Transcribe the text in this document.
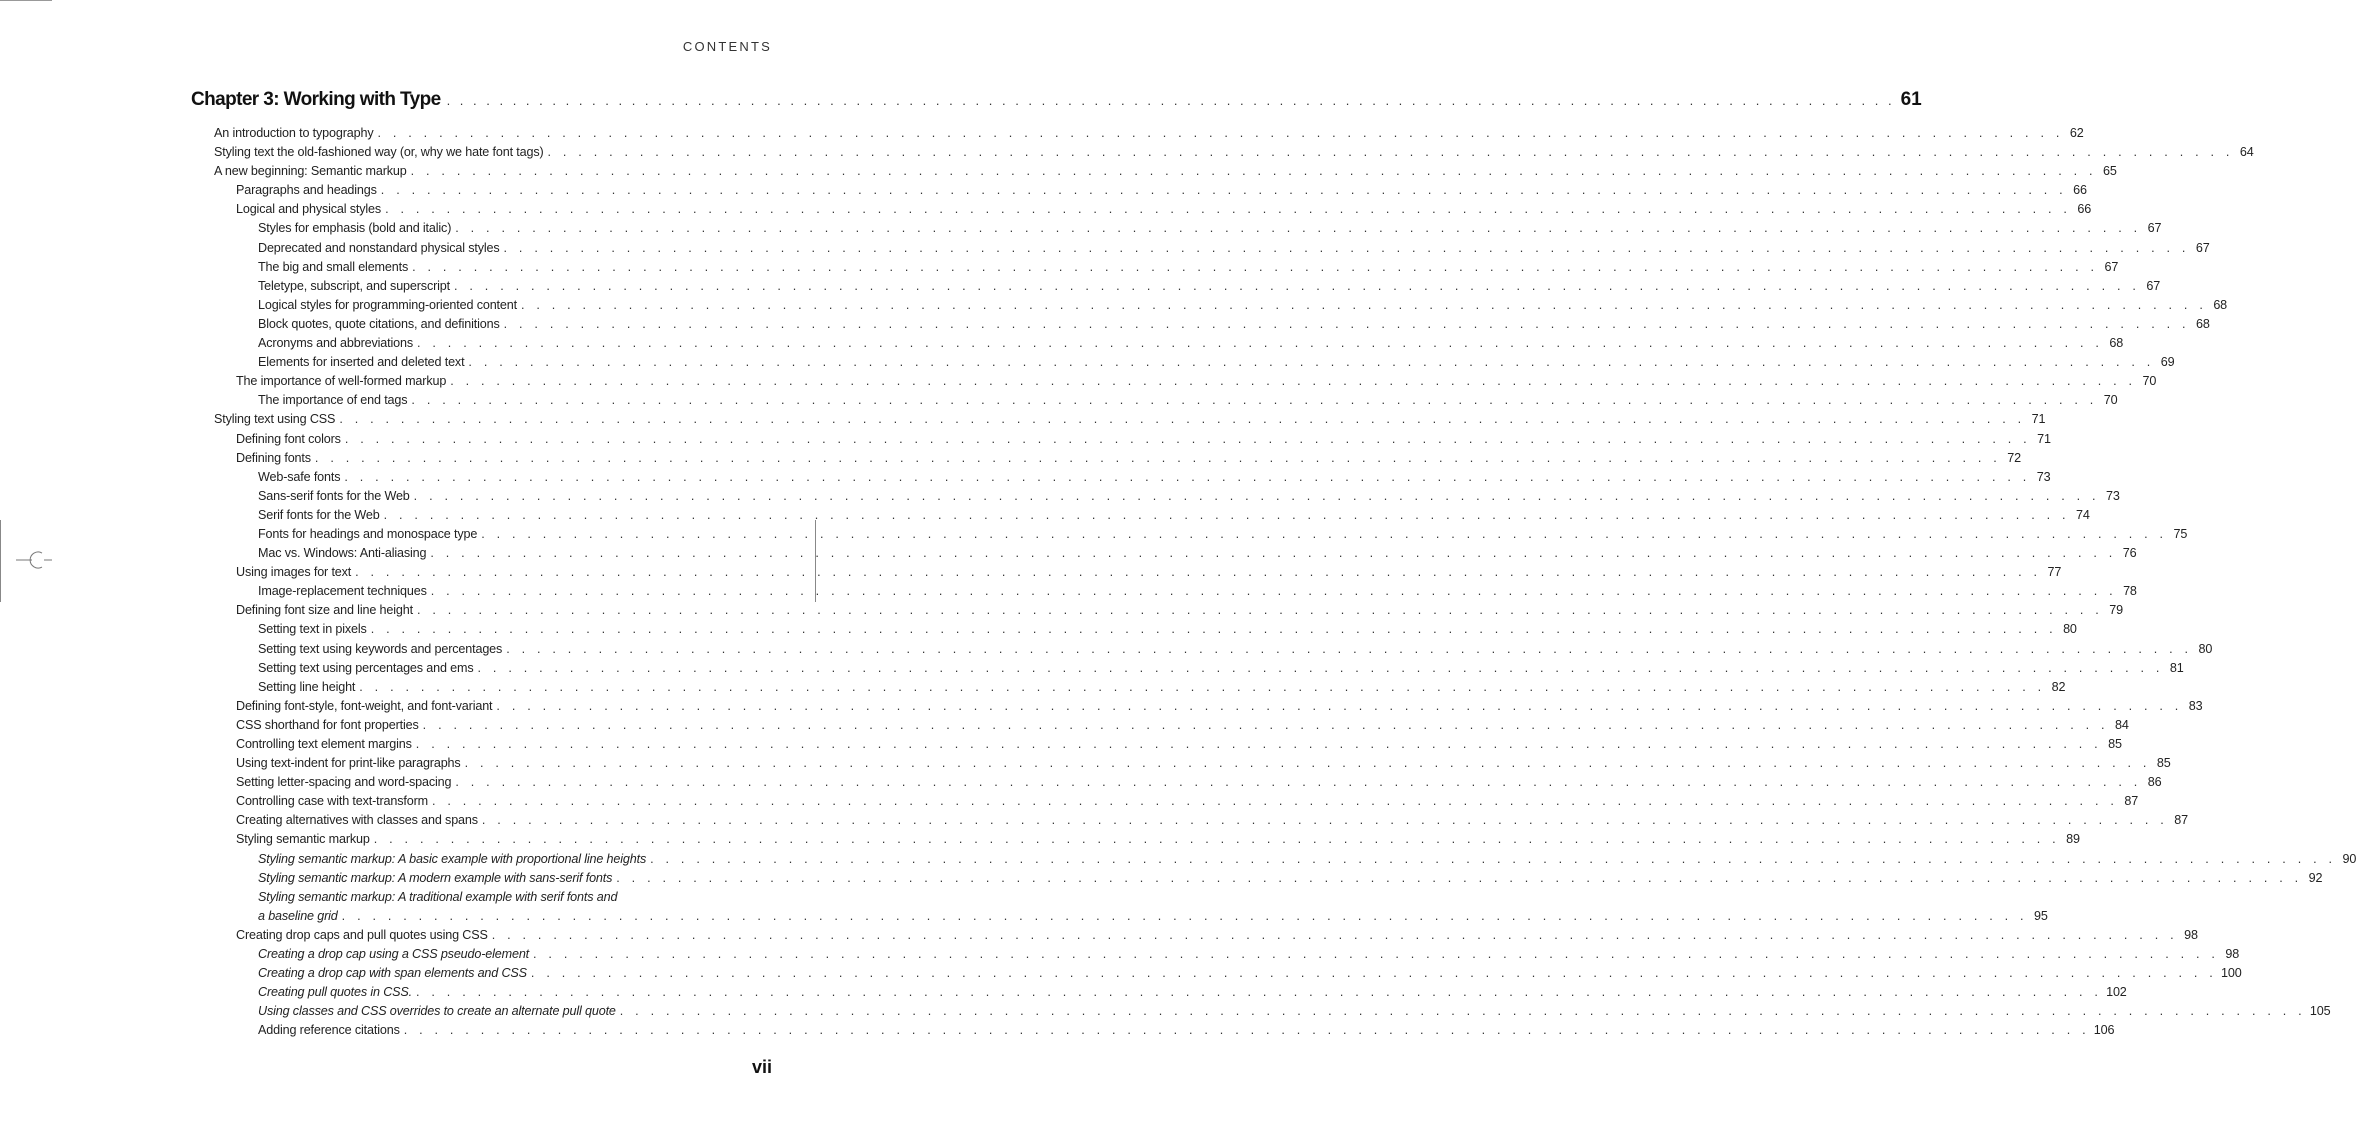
CONTENTS
Chapter 3: Working with Type . . . . . . . . . . . . . . . . . . . . . . . . . . . . . . . . . . . . . . . . . . . . . . . . . . . . . . . . . . . . . . . . . . . . . . . . . . . . . . . . . . . . . . . . . . . . . . . . . . . . . . . . . . . . . . 61
An introduction to typography . . . . . . . . . . . . . . . . . . . . . . . . . . . . . . . . . . . . . . . . . . . . . . . . . . . . . . . . . . . . . . . . . . . . . . . . . . . . . . . . . . . . . . . . . . . . . . . . . . . . . . . . . . . . . . 62
Styling text the old-fashioned way (or, why we hate font tags) . . . . . . . . . . . . . . . . . . . . . . . . . . . . . . . . . . . . . . . . . . . . . . . . . . . . . . . . . . . . . . . . . . . . . . . . . . . . . . . . . . . . . . . . . . . . . . . . . . . . . . . . . . . . . . 64
A new beginning: Semantic markup . . . . . . . . . . . . . . . . . . . . . . . . . . . . . . . . . . . . . . . . . . . . . . . . . . . . . . . . . . . . . . . . . . . . . . . . . . . . . . . . . . . . . . . . . . . . . . . . . . . . . . . . . . . . . . 65
Paragraphs and headings . . . . . . . . . . . . . . . . . . . . . . . . . . . . . . . . . . . . . . . . . . . . . . . . . . . . . . . . . . . . . . . . . . . . . . . . . . . . . . . . . . . . . . . . . . . . . . . . . . . . . . . . . . . . . . 66
Logical and physical styles . . . . . . . . . . . . . . . . . . . . . . . . . . . . . . . . . . . . . . . . . . . . . . . . . . . . . . . . . . . . . . . . . . . . . . . . . . . . . . . . . . . . . . . . . . . . . . . . . . . . . . . . . . . . . . 66
Styles for emphasis (bold and italic) . . . . . . . . . . . . . . . . . . . . . . . . . . . . . . . . . . . . . . . . . . . . . . . . . . . . . . . . . . . . . . . . . . . . . . . . . . . . . . . . . . . . . . . . . . . . . . . . . . . . . . . . . . . . . . 67
Deprecated and nonstandard physical styles . . . . . . . . . . . . . . . . . . . . . . . . . . . . . . . . . . . . . . . . . . . . . . . . . . . . . . . . . . . . . . . . . . . . . . . . . . . . . . . . . . . . . . . . . . . . . . . . . . . . . . . . . . . . . . 67
The big and small elements . . . . . . . . . . . . . . . . . . . . . . . . . . . . . . . . . . . . . . . . . . . . . . . . . . . . . . . . . . . . . . . . . . . . . . . . . . . . . . . . . . . . . . . . . . . . . . . . . . . . . . . . . . . . . . 67
Teletype, subscript, and superscript . . . . . . . . . . . . . . . . . . . . . . . . . . . . . . . . . . . . . . . . . . . . . . . . . . . . . . . . . . . . . . . . . . . . . . . . . . . . . . . . . . . . . . . . . . . . . . . . . . . . . . . . . . . . . . 67
Logical styles for programming-oriented content . . . . . . . . . . . . . . . . . . . . . . . . . . . . . . . . . . . . . . . . . . . . . . . . . . . . . . . . . . . . . . . . . . . . . . . . . . . . . . . . . . . . . . . . . . . . . . . . . . . . . . . . . . . . . . 68
Block quotes, quote citations, and definitions . . . . . . . . . . . . . . . . . . . . . . . . . . . . . . . . . . . . . . . . . . . . . . . . . . . . . . . . . . . . . . . . . . . . . . . . . . . . . . . . . . . . . . . . . . . . . . . . . . . . . . . . . . . . . . 68
Acronyms and abbreviations . . . . . . . . . . . . . . . . . . . . . . . . . . . . . . . . . . . . . . . . . . . . . . . . . . . . . . . . . . . . . . . . . . . . . . . . . . . . . . . . . . . . . . . . . . . . . . . . . . . . . . . . . . . . . . 68
Elements for inserted and deleted text . . . . . . . . . . . . . . . . . . . . . . . . . . . . . . . . . . . . . . . . . . . . . . . . . . . . . . . . . . . . . . . . . . . . . . . . . . . . . . . . . . . . . . . . . . . . . . . . . . . . . . . . . . . . . . 69
The importance of well-formed markup . . . . . . . . . . . . . . . . . . . . . . . . . . . . . . . . . . . . . . . . . . . . . . . . . . . . . . . . . . . . . . . . . . . . . . . . . . . . . . . . . . . . . . . . . . . . . . . . . . . . . . . . . . . . . . 70
The importance of end tags . . . . . . . . . . . . . . . . . . . . . . . . . . . . . . . . . . . . . . . . . . . . . . . . . . . . . . . . . . . . . . . . . . . . . . . . . . . . . . . . . . . . . . . . . . . . . . . . . . . . . . . . . . . . . . 70
Styling text using CSS . . . . . . . . . . . . . . . . . . . . . . . . . . . . . . . . . . . . . . . . . . . . . . . . . . . . . . . . . . . . . . . . . . . . . . . . . . . . . . . . . . . . . . . . . . . . . . . . . . . . . . . . . . . . . . 71
Defining font colors . . . . . . . . . . . . . . . . . . . . . . . . . . . . . . . . . . . . . . . . . . . . . . . . . . . . . . . . . . . . . . . . . . . . . . . . . . . . . . . . . . . . . . . . . . . . . . . . . . . . . . . . . . . . . . 71
Defining fonts . . . . . . . . . . . . . . . . . . . . . . . . . . . . . . . . . . . . . . . . . . . . . . . . . . . . . . . . . . . . . . . . . . . . . . . . . . . . . . . . . . . . . . . . . . . . . . . . . . . . . . . . . . . . . . 72
Web-safe fonts . . . . . . . . . . . . . . . . . . . . . . . . . . . . . . . . . . . . . . . . . . . . . . . . . . . . . . . . . . . . . . . . . . . . . . . . . . . . . . . . . . . . . . . . . . . . . . . . . . . . . . . . . . . . . . 73
Sans-serif fonts for the Web . . . . . . . . . . . . . . . . . . . . . . . . . . . . . . . . . . . . . . . . . . . . . . . . . . . . . . . . . . . . . . . . . . . . . . . . . . . . . . . . . . . . . . . . . . . . . . . . . . . . . . . . . . . . . . 73
Serif fonts for the Web . . . . . . . . . . . . . . . . . . . . . . . . . . . . . . . . . . . . . . . . . . . . . . . . . . . . . . . . . . . . . . . . . . . . . . . . . . . . . . . . . . . . . . . . . . . . . . . . . . . . . . . . . . . . . . 74
Fonts for headings and monospace type . . . . . . . . . . . . . . . . . . . . . . . . . . . . . . . . . . . . . . . . . . . . . . . . . . . . . . . . . . . . . . . . . . . . . . . . . . . . . . . . . . . . . . . . . . . . . . . . . . . . . . . . . . . . . . 75
Mac vs. Windows: Anti-aliasing . . . . . . . . . . . . . . . . . . . . . . . . . . . . . . . . . . . . . . . . . . . . . . . . . . . . . . . . . . . . . . . . . . . . . . . . . . . . . . . . . . . . . . . . . . . . . . . . . . . . . . . . . . . . . . 76
Using images for text . . . . . . . . . . . . . . . . . . . . . . . . . . . . . . . . . . . . . . . . . . . . . . . . . . . . . . . . . . . . . . . . . . . . . . . . . . . . . . . . . . . . . . . . . . . . . . . . . . . . . . . . . . . . . . 77
Image-replacement techniques . . . . . . . . . . . . . . . . . . . . . . . . . . . . . . . . . . . . . . . . . . . . . . . . . . . . . . . . . . . . . . . . . . . . . . . . . . . . . . . . . . . . . . . . . . . . . . . . . . . . . . . . . . . . . . 78
Defining font size and line height . . . . . . . . . . . . . . . . . . . . . . . . . . . . . . . . . . . . . . . . . . . . . . . . . . . . . . . . . . . . . . . . . . . . . . . . . . . . . . . . . . . . . . . . . . . . . . . . . . . . . . . . . . . . . . 79
Setting text in pixels . . . . . . . . . . . . . . . . . . . . . . . . . . . . . . . . . . . . . . . . . . . . . . . . . . . . . . . . . . . . . . . . . . . . . . . . . . . . . . . . . . . . . . . . . . . . . . . . . . . . . . . . . . . . . . 80
Setting text using keywords and percentages . . . . . . . . . . . . . . . . . . . . . . . . . . . . . . . . . . . . . . . . . . . . . . . . . . . . . . . . . . . . . . . . . . . . . . . . . . . . . . . . . . . . . . . . . . . . . . . . . . . . . . . . . . . . . . 80
Setting text using percentages and ems . . . . . . . . . . . . . . . . . . . . . . . . . . . . . . . . . . . . . . . . . . . . . . . . . . . . . . . . . . . . . . . . . . . . . . . . . . . . . . . . . . . . . . . . . . . . . . . . . . . . . . . . . . . . . . 81
Setting line height . . . . . . . . . . . . . . . . . . . . . . . . . . . . . . . . . . . . . . . . . . . . . . . . . . . . . . . . . . . . . . . . . . . . . . . . . . . . . . . . . . . . . . . . . . . . . . . . . . . . . . . . . . . . . . 82
Defining font-style, font-weight, and font-variant . . . . . . . . . . . . . . . . . . . . . . . . . . . . . . . . . . . . . . . . . . . . . . . . . . . . . . . . . . . . . . . . . . . . . . . . . . . . . . . . . . . . . . . . . . . . . . . . . . . . . . . . . . . . . . 83
CSS shorthand for font properties . . . . . . . . . . . . . . . . . . . . . . . . . . . . . . . . . . . . . . . . . . . . . . . . . . . . . . . . . . . . . . . . . . . . . . . . . . . . . . . . . . . . . . . . . . . . . . . . . . . . . . . . . . . . . . 84
Controlling text element margins . . . . . . . . . . . . . . . . . . . . . . . . . . . . . . . . . . . . . . . . . . . . . . . . . . . . . . . . . . . . . . . . . . . . . . . . . . . . . . . . . . . . . . . . . . . . . . . . . . . . . . . . . . . . . . 85
Using text-indent for print-like paragraphs . . . . . . . . . . . . . . . . . . . . . . . . . . . . . . . . . . . . . . . . . . . . . . . . . . . . . . . . . . . . . . . . . . . . . . . . . . . . . . . . . . . . . . . . . . . . . . . . . . . . . . . . . . . . . . 85
Setting letter-spacing and word-spacing . . . . . . . . . . . . . . . . . . . . . . . . . . . . . . . . . . . . . . . . . . . . . . . . . . . . . . . . . . . . . . . . . . . . . . . . . . . . . . . . . . . . . . . . . . . . . . . . . . . . . . . . . . . . . . 86
Controlling case with text-transform . . . . . . . . . . . . . . . . . . . . . . . . . . . . . . . . . . . . . . . . . . . . . . . . . . . . . . . . . . . . . . . . . . . . . . . . . . . . . . . . . . . . . . . . . . . . . . . . . . . . . . . . . . . . . . 87
Creating alternatives with classes and spans . . . . . . . . . . . . . . . . . . . . . . . . . . . . . . . . . . . . . . . . . . . . . . . . . . . . . . . . . . . . . . . . . . . . . . . . . . . . . . . . . . . . . . . . . . . . . . . . . . . . . . . . . . . . . . 87
Styling semantic markup . . . . . . . . . . . . . . . . . . . . . . . . . . . . . . . . . . . . . . . . . . . . . . . . . . . . . . . . . . . . . . . . . . . . . . . . . . . . . . . . . . . . . . . . . . . . . . . . . . . . . . . . . . . . . . 89
Styling semantic markup: A basic example with proportional line heights . . . . . . . . . . . . . . . . . . . . . . . . . . . . . . . . . . . . . . . . . . . . . . . . . . . . . . . . . . . . . . . . . . . . . . . . . . . . . . . . . . . . . . . . . . . . . . . . . . . . . . . . . . . . . . 90
Styling semantic markup: A modern example with sans-serif fonts . . . . . . . . . . . . . . . . . . . . . . . . . . . . . . . . . . . . . . . . . . . . . . . . . . . . . . . . . . . . . . . . . . . . . . . . . . . . . . . . . . . . . . . . . . . . . . . . . . . . . . . . . . . . . . 92
Styling semantic markup: A traditional example with serif fonts and
a baseline grid . . . . . . . . . . . . . . . . . . . . . . . . . . . . . . . . . . . . . . . . . . . . . . . . . . . . . . . . . . . . . . . . . . . . . . . . . . . . . . . . . . . . . . . . . . . . . . . . . . . . . . . . . . . . . . 95
Creating drop caps and pull quotes using CSS . . . . . . . . . . . . . . . . . . . . . . . . . . . . . . . . . . . . . . . . . . . . . . . . . . . . . . . . . . . . . . . . . . . . . . . . . . . . . . . . . . . . . . . . . . . . . . . . . . . . . . . . . . . . . . 98
Creating a drop cap using a CSS pseudo-element . . . . . . . . . . . . . . . . . . . . . . . . . . . . . . . . . . . . . . . . . . . . . . . . . . . . . . . . . . . . . . . . . . . . . . . . . . . . . . . . . . . . . . . . . . . . . . . . . . . . . . . . . . . . . . 98
Creating a drop cap with span elements and CSS . . . . . . . . . . . . . . . . . . . . . . . . . . . . . . . . . . . . . . . . . . . . . . . . . . . . . . . . . . . . . . . . . . . . . . . . . . . . . . . . . . . . . . . . . . . . . . . . . . . . . . . . . . . . . . 100
Creating pull quotes in CSS. . . . . . . . . . . . . . . . . . . . . . . . . . . . . . . . . . . . . . . . . . . . . . . . . . . . . . . . . . . . . . . . . . . . . . . . . . . . . . . . . . . . . . . . . . . . . . . . . . . . . . . . . . . . . . . 102
Using classes and CSS overrides to create an alternate pull quote . . . . . . . . . . . . . . . . . . . . . . . . . . . . . . . . . . . . . . . . . . . . . . . . . . . . . . . . . . . . . . . . . . . . . . . . . . . . . . . . . . . . . . . . . . . . . . . . . . . . . . . . . . . . . . 105
Adding reference citations . . . . . . . . . . . . . . . . . . . . . . . . . . . . . . . . . . . . . . . . . . . . . . . . . . . . . . . . . . . . . . . . . . . . . . . . . . . . . . . . . . . . . . . . . . . . . . . . . . . . . . . . . . . . . . 106
vii
